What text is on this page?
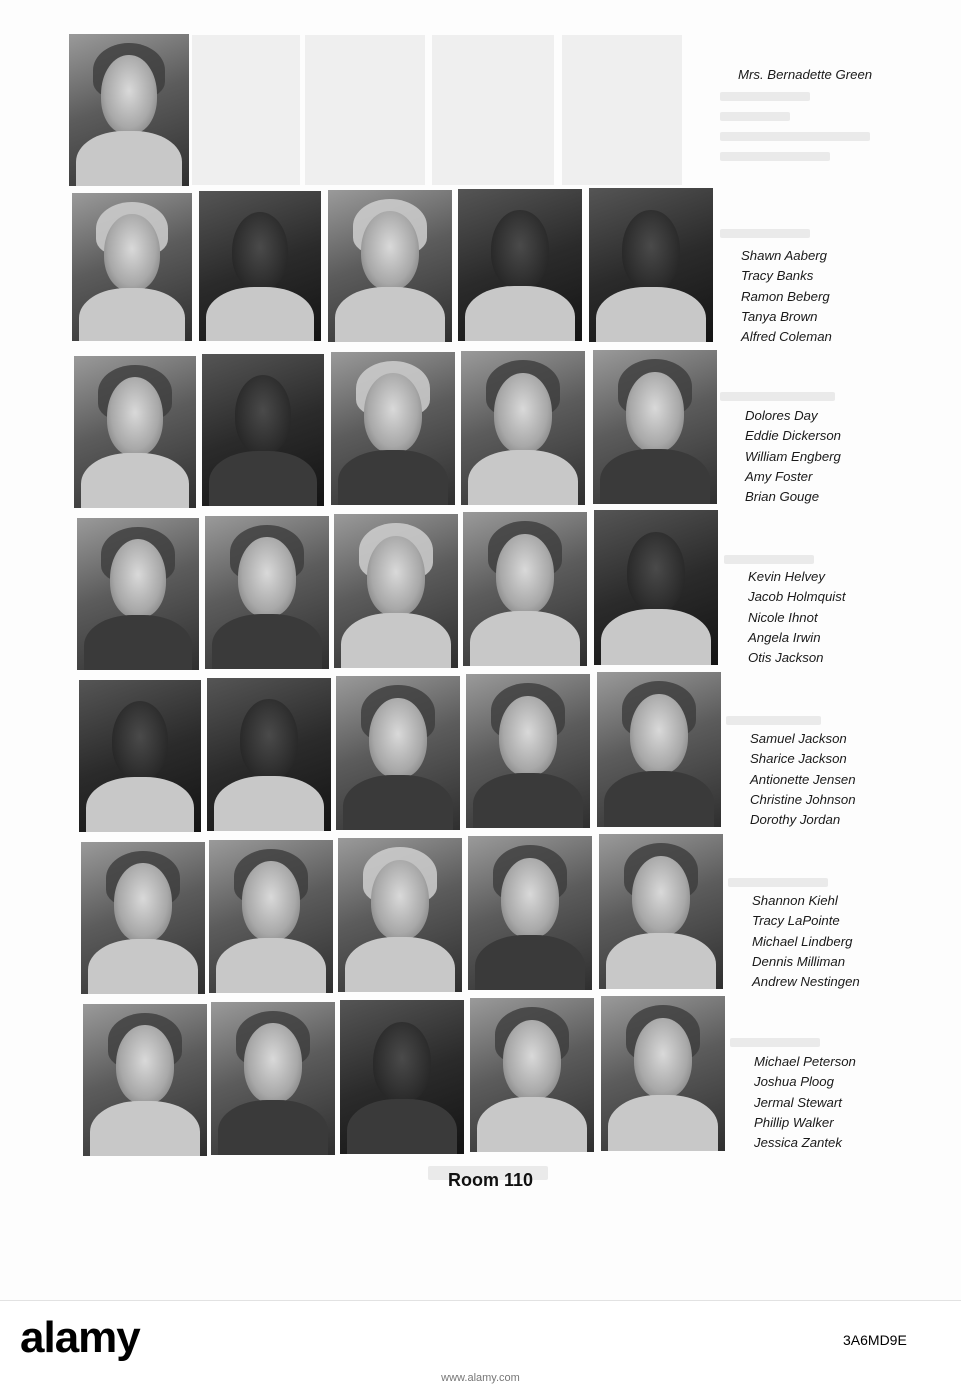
Mrs. Bernadette Green
Shawn Aaberg
Tracy Banks
Ramon Beberg
Tanya Brown
Alfred Coleman
Dolores Day
Eddie Dickerson
William Engberg
Amy Foster
Brian Gouge
Kevin Helvey
Jacob Holmquist
Nicole Ihnot
Angela Irwin
Otis Jackson
Samuel Jackson
Sharice Jackson
Antionette Jensen
Christine Johnson
Dorothy Jordan
Shannon Kiehl
Tracy LaPointe
Michael Lindberg
Dennis Milliman
Andrew Nestingen
Michael Peterson
Joshua Ploog
Jermal Stewart
Phillip Walker
Jessica Zantek
Room 110
alamy	3A6MD9E
www.alamy.com
